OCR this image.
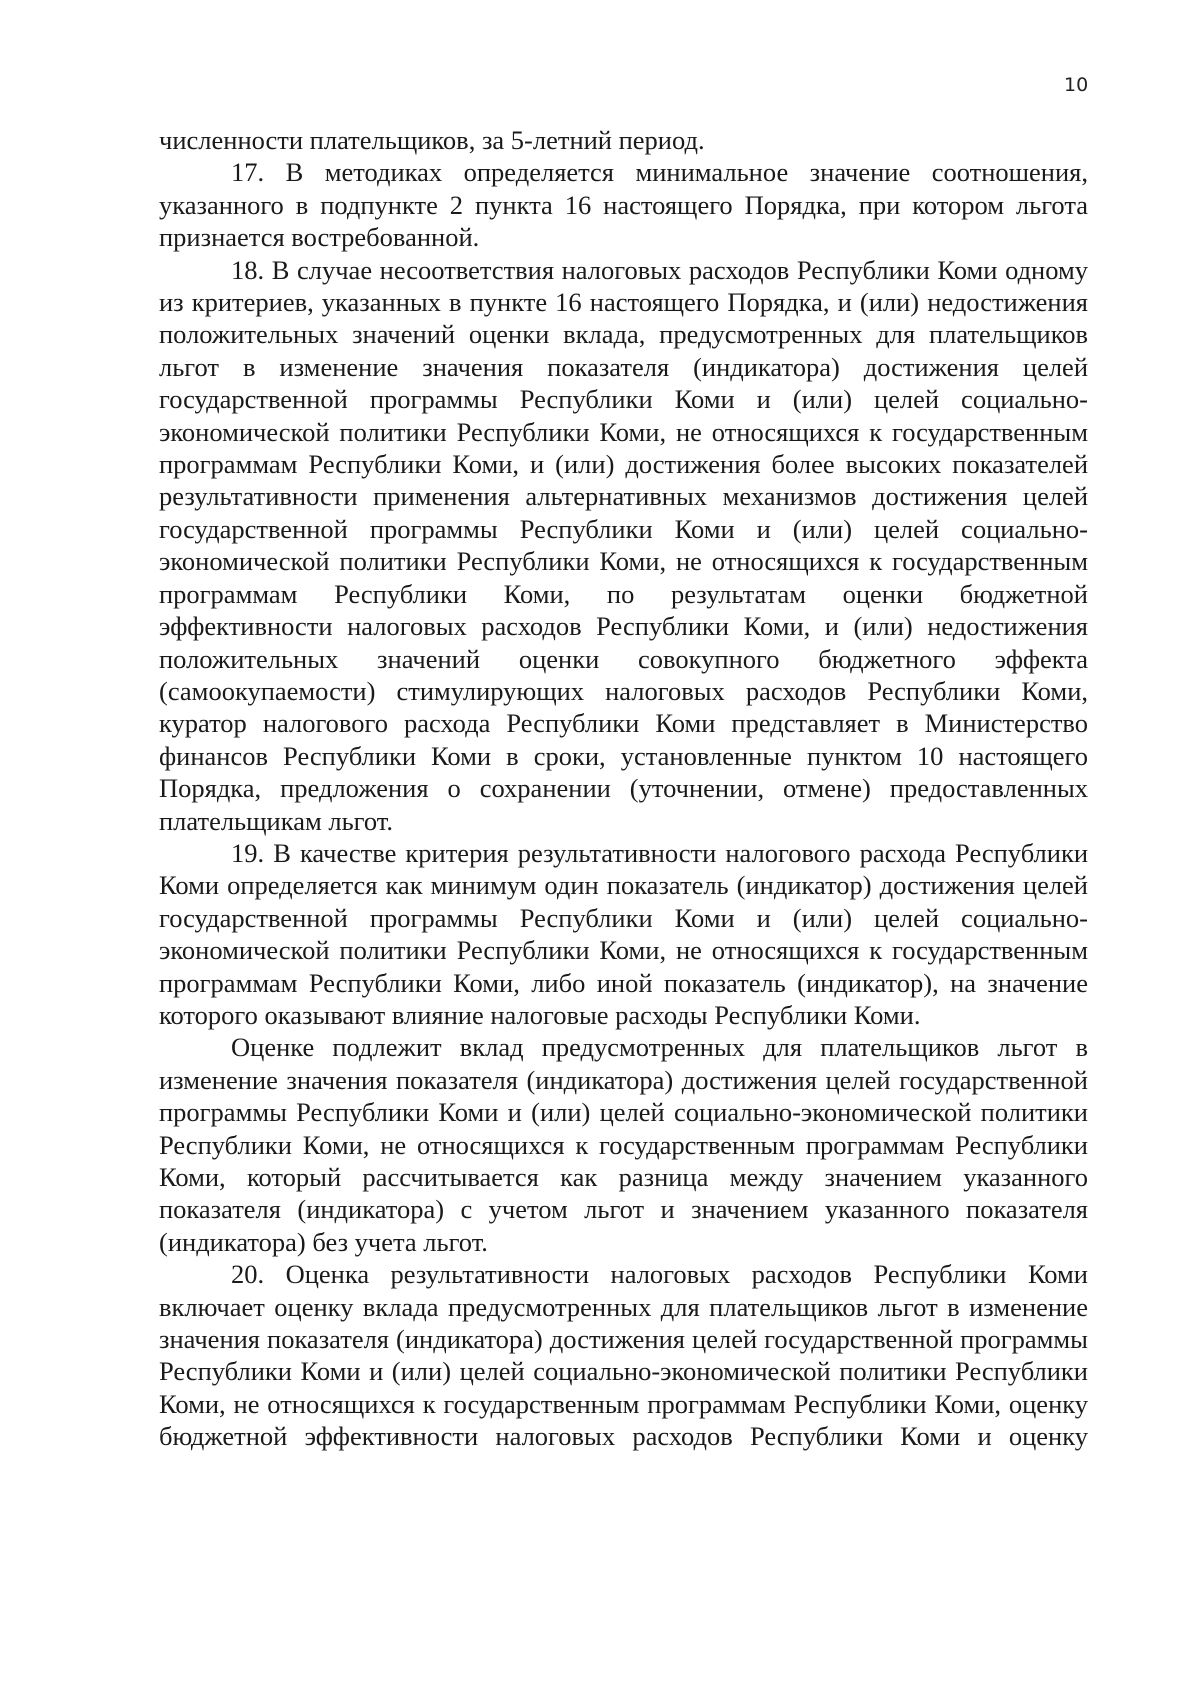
10

численности плательщиков, за 5-летний период.

17. В методиках определяется минимальное значение соотношения, указанного в подпункте 2 пункта 16 настоящего Порядка, при котором льгота признается востребованной.

18. В случае несоответствия налоговых расходов Республики Коми одному из критериев, указанных в пункте 16 настоящего Порядка, и (или) недостижения положительных значений оценки вклада, предусмотренных для плательщиков льгот в изменение значения показателя (индикатора) достижения целей государственной программы Республики Коми и (или) целей социально-экономической политики Республики Коми, не относящихся к государственным программам Республики Коми, и (или) достижения более высоких показателей результативности применения альтернативных механизмов достижения целей государственной программы Республики Коми и (или) целей социально-экономической политики Республики Коми, не относящихся к государственным программам Республики Коми, по результатам оценки бюджетной эффективности налоговых расходов Республики Коми, и (или) недостижения положительных значений оценки совокупного бюджетного эффекта (самоокупаемости) стимулирующих налоговых расходов Республики Коми, куратор налогового расхода Республики Коми представляет в Министерство финансов Республики Коми в сроки, установленные пунктом 10 настоящего Порядка, предложения о сохранении (уточнении, отмене) предоставленных плательщикам льгот.

19. В качестве критерия результативности налогового расхода Республики Коми определяется как минимум один показатель (индикатор) достижения целей государственной программы Республики Коми и (или) целей социально-экономической политики Республики Коми, не относящихся к государственным программам Республики Коми, либо иной показатель (индикатор), на значение которого оказывают влияние налоговые расходы Республики Коми.

Оценке подлежит вклад предусмотренных для плательщиков льгот в изменение значения показателя (индикатора) достижения целей государственной программы Республики Коми и (или) целей социально-экономической политики Республики Коми, не относящихся к государственным программам Республики Коми, который рассчитывается как разница между значением указанного показателя (индикатора) с учетом льгот и значением указанного показателя (индикатора) без учета льгот.

20. Оценка результативности налоговых расходов Республики Коми включает оценку вклада предусмотренных для плательщиков льгот в изменение значения показателя (индикатора) достижения целей государственной программы Республики Коми и (или) целей социально-экономической политики Республики Коми, не относящихся к государственным программам Республики Коми, оценку бюджетной эффективности налоговых расходов Республики Коми и оценку
